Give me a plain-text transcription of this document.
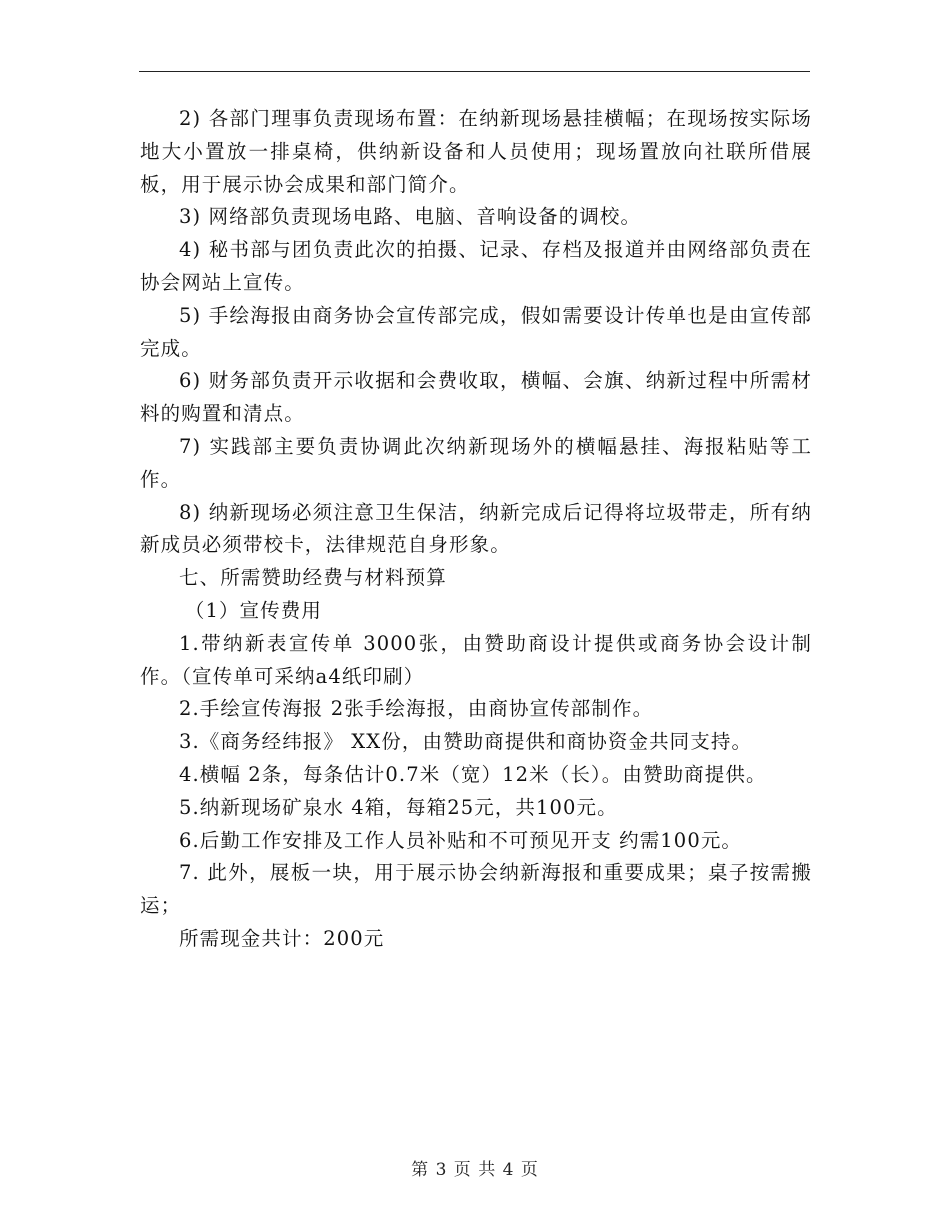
2) 各部门理事负责现场布置：在纳新现场悬挂横幅；在现场按实际场地大小置放一排桌椅，供纳新设备和人员使用；现场置放向社联所借展板，用于展示协会成果和部门简介。

3) 网络部负责现场电路、电脑、音响设备的调校。

4) 秘书部与团负责此次的拍摄、记录、存档及报道并由网络部负责在协会网站上宣传。

5) 手绘海报由商务协会宣传部完成，假如需要设计传单也是由宣传部完成。

6) 财务部负责开示收据和会费收取，横幅、会旗、纳新过程中所需材料的购置和清点。

7) 实践部主要负责协调此次纳新现场外的横幅悬挂、海报粘贴等工作。

8) 纳新现场必须注意卫生保洁，纳新完成后记得将垃圾带走，所有纳新成员必须带校卡，法律规范自身形象。

七、所需赞助经费与材料预算

（1）宣传费用

1.带纳新表宣传单 3000张，由赞助商设计提供或商务协会设计制作。（宣传单可采纳a4纸印刷）

2.手绘宣传海报 2张手绘海报，由商协宣传部制作。

3.《商务经纬报》 XX份，由赞助商提供和商协资金共同支持。

4.横幅 2条，每条估计0.7米（宽）12米（长）。由赞助商提供。

5.纳新现场矿泉水 4箱，每箱25元，共100元。

6.后勤工作安排及工作人员补贴和不可预见开支 约需100元。

7. 此外，展板一块，用于展示协会纳新海报和重要成果；桌子按需搬运；

所需现金共计：200元

第 3 页 共 4 页
